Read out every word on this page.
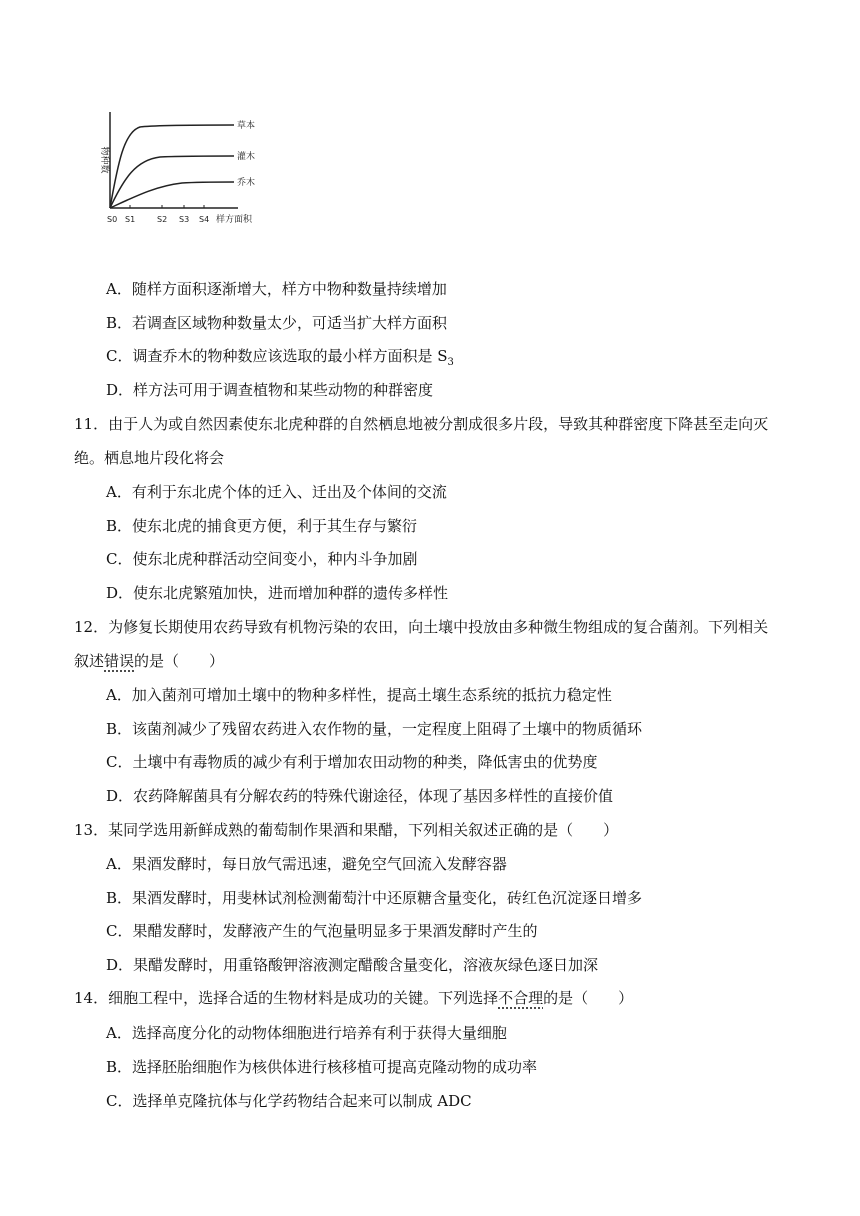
物种数
草本
灌木
乔木
S0 S1	S2 S3 S4 样方面积
A．随样方面积逐渐增大，样方中物种数量持续增加
B．若调查区域物种数量太少，可适当扩大样方面积
C．调查乔木的物种数应该选取的最小样方面积是 $S_3$
D．样方法可用于调查植物和某些动物的种群密度
11．由于人为或自然因素使东北虎种群的自然栖息地被分割成很多片段，导致其种群密度下降甚至走向灭
绝。栖息地片段化将会
A．有利于东北虎个体的迁入、迁出及个体间的交流
B．使东北虎的捕食更方便，利于其生存与繁衍
C．使东北虎种群活动空间变小，种内斗争加剧
D．使东北虎繁殖加快，进而增加种群的遗传多样性
12．为修复长期使用农药导致有机物污染的农田，向土壤中投放由多种微生物组成的复合菌剂。下列相关
叙述错误的是（　　）
A．加入菌剂可增加土壤中的物种多样性，提高土壤生态系统的抵抗力稳定性
B．该菌剂减少了残留农药进入农作物的量，一定程度上阻碍了土壤中的物质循环
C．土壤中有毒物质的减少有利于增加农田动物的种类，降低害虫的优势度
D．农药降解菌具有分解农药的特殊代谢途径，体现了基因多样性的直接价值
13．某同学选用新鲜成熟的葡萄制作果酒和果醋，下列相关叙述正确的是（　　）
A．果酒发酵时，每日放气需迅速，避免空气回流入发酵容器
B．果酒发酵时，用斐林试剂检测葡萄汁中还原糖含量变化，砖红色沉淀逐日增多
C．果醋发酵时，发酵液产生的气泡量明显多于果酒发酵时产生的
D．果醋发酵时，用重铬酸钾溶液测定醋酸含量变化，溶液灰绿色逐日加深
14．细胞工程中，选择合适的生物材料是成功的关键。下列选择不合理的是（　　）
A．选择高度分化的动物体细胞进行培养有利于获得大量细胞
B．选择胚胎细胞作为核供体进行核移植可提高克隆动物的成功率
C．选择单克隆抗体与化学药物结合起来可以制成 ADC
